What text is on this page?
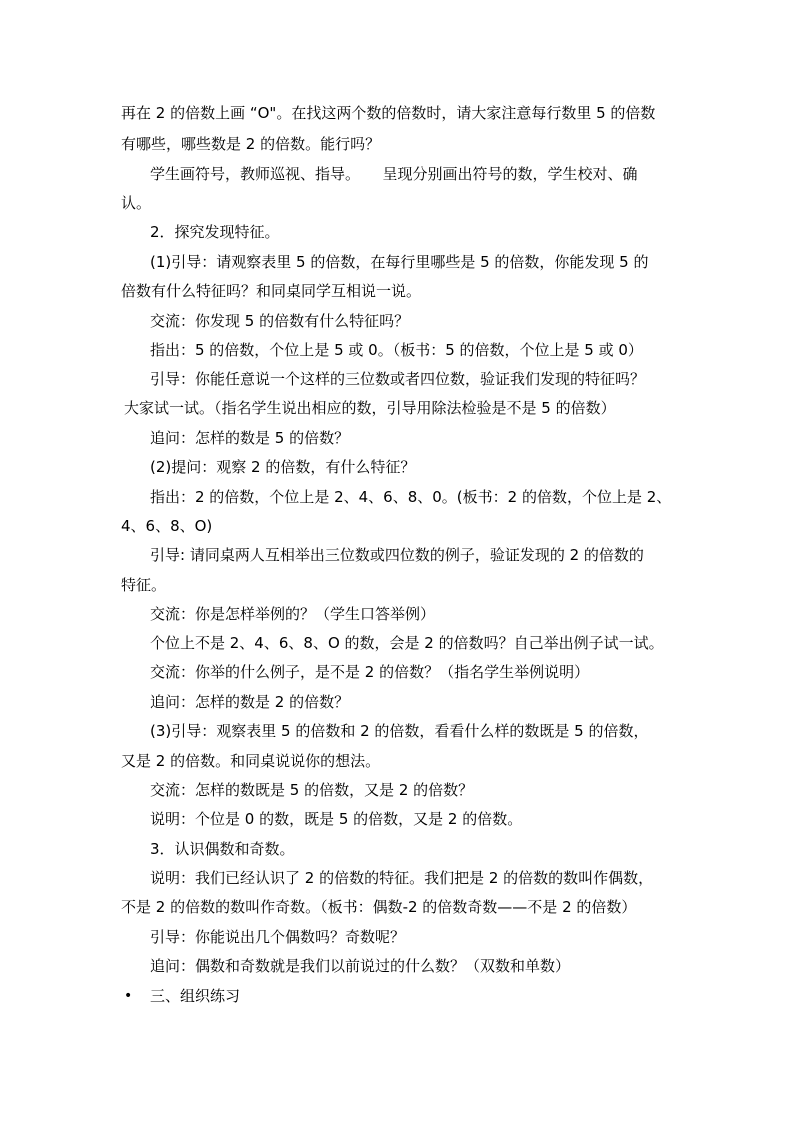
再在 2 的倍数上画 “O"。在找这两个数的倍数时，请大家注意每行数里 5 的倍数

有哪些，哪些数是 2 的倍数。能行吗？

学生画符号，教师巡视、指导。　　呈现分别画出符号的数，学生校对、确

认。

2．探究发现特征。

(1)引导：请观察表里 5 的倍数，在每行里哪些是 5 的倍数，你能发现 5 的

倍数有什么特征吗？和同桌同学互相说一说。

交流：你发现 5 的倍数有什么特征吗？

指出：5 的倍数，个位上是 5 或 0。（板书：5 的倍数，个位上是 5 或 0）

引导：你能任意说一个这样的三位数或者四位数，验证我们发现的特征吗？

大家试一试。（指名学生说出相应的数，引导用除法检验是不是 5 的倍数）

追问：怎样的数是 5 的倍数？

(2)提问：观察 2 的倍数，有什么特征？

指出：2 的倍数，个位上是 2、4、6、8、0。(板书：2 的倍数，个位上是 2、

4、6、8、O)

引导: 请同桌两人互相举出三位数或四位数的例子，验证发现的 2 的倍数的

特征。

交流：你是怎样举例的？（学生口答举例）

个位上不是 2、4、6、8、O 的数，会是 2 的倍数吗？自己举出例子试一试。

交流：你举的什么例子，是不是 2 的倍数？（指名学生举例说明）

追问：怎样的数是 2 的倍数？

(3)引导：观察表里 5 的倍数和 2 的倍数，看看什么样的数既是 5 的倍数，

又是 2 的倍数。和同桌说说你的想法。

交流：怎样的数既是 5 的倍数，又是 2 的倍数？

说明：个位是 0 的数，既是 5 的倍数，又是 2 的倍数。

3．认识偶数和奇数。

说明：我们已经认识了 2 的倍数的特征。我们把是 2 的倍数的数叫作偶数，

不是 2 的倍数的数叫作奇数。（板书：偶数-2 的倍数奇数——不是 2 的倍数）

引导：你能说出几个偶数吗？奇数呢？

追问：偶数和奇数就是我们以前说过的什么数？（双数和单数）

• 三、组织练习
